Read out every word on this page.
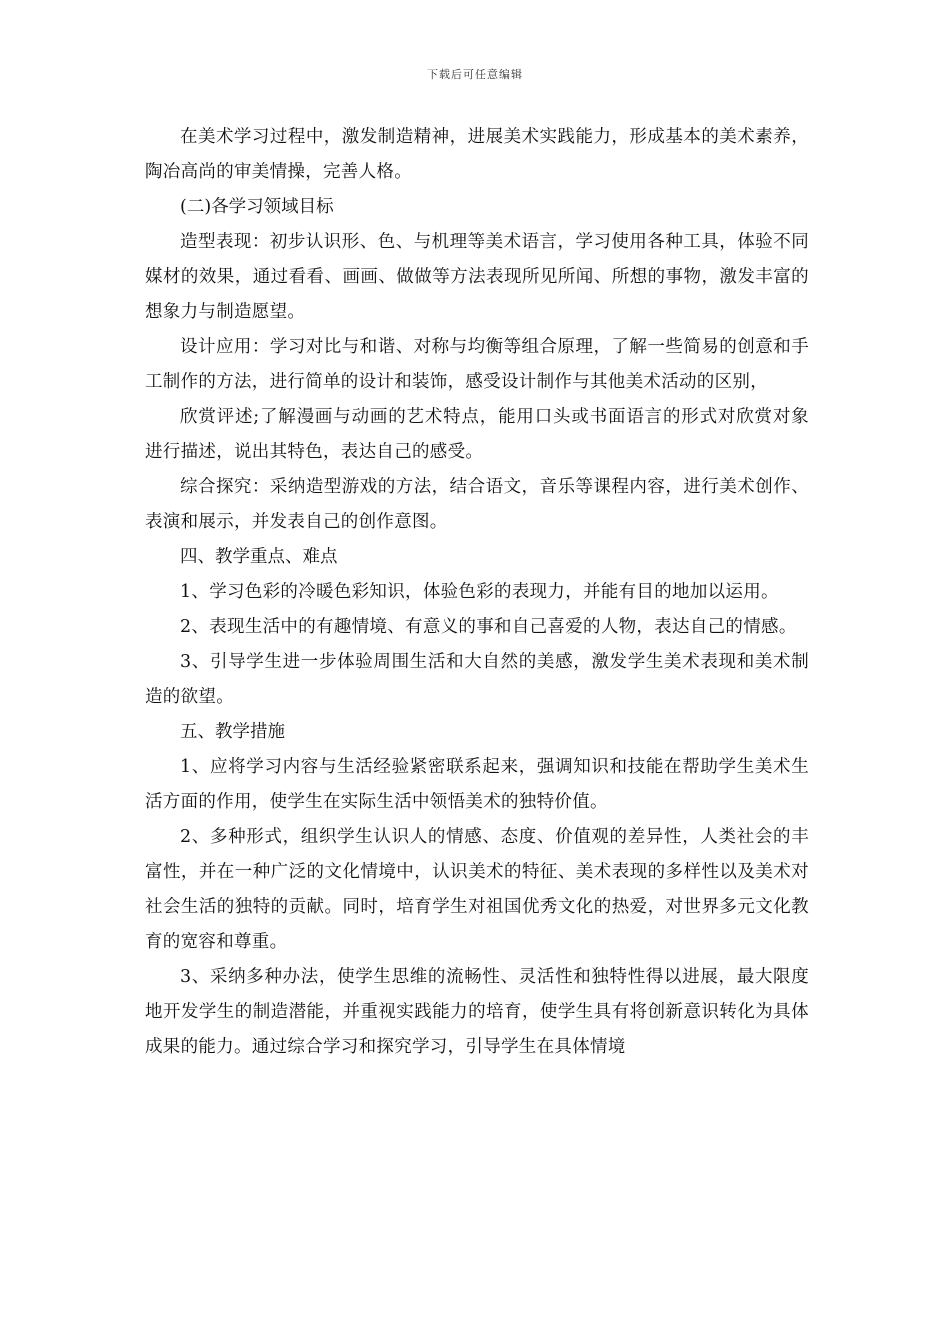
下载后可任意编辑

在美术学习过程中，激发制造精神，进展美术实践能力，形成基本的美术素养，陶冶高尚的审美情操，完善人格。

(二)各学习领域目标

造型表现：初步认识形、色、与机理等美术语言，学习使用各种工具，体验不同媒材的效果，通过看看、画画、做做等方法表现所见所闻、所想的事物，激发丰富的想象力与制造愿望。

设计应用：学习对比与和谐、对称与均衡等组合原理，了解一些简易的创意和手工制作的方法，进行简单的设计和装饰，感受设计制作与其他美术活动的区别，

欣赏评述;了解漫画与动画的艺术特点，能用口头或书面语言的形式对欣赏对象进行描述，说出其特色，表达自己的感受。

综合探究：采纳造型游戏的方法，结合语文，音乐等课程内容，进行美术创作、表演和展示，并发表自己的创作意图。

四、教学重点、难点

1、学习色彩的冷暖色彩知识，体验色彩的表现力，并能有目的地加以运用。

2、表现生活中的有趣情境、有意义的事和自己喜爱的人物，表达自己的情感。

3、引导学生进一步体验周围生活和大自然的美感，激发学生美术表现和美术制造的欲望。

五、教学措施

1、应将学习内容与生活经验紧密联系起来，强调知识和技能在帮助学生美术生活方面的作用，使学生在实际生活中领悟美术的独特价值。

2、多种形式，组织学生认识人的情感、态度、价值观的差异性，人类社会的丰富性，并在一种广泛的文化情境中，认识美术的特征、美术表现的多样性以及美术对社会生活的独特的贡献。同时，培育学生对祖国优秀文化的热爱，对世界多元文化教育的宽容和尊重。

3、采纳多种办法，使学生思维的流畅性、灵活性和独特性得以进展，最大限度地开发学生的制造潜能，并重视实践能力的培育，使学生具有将创新意识转化为具体成果的能力。通过综合学习和探究学习，引导学生在具体情境
